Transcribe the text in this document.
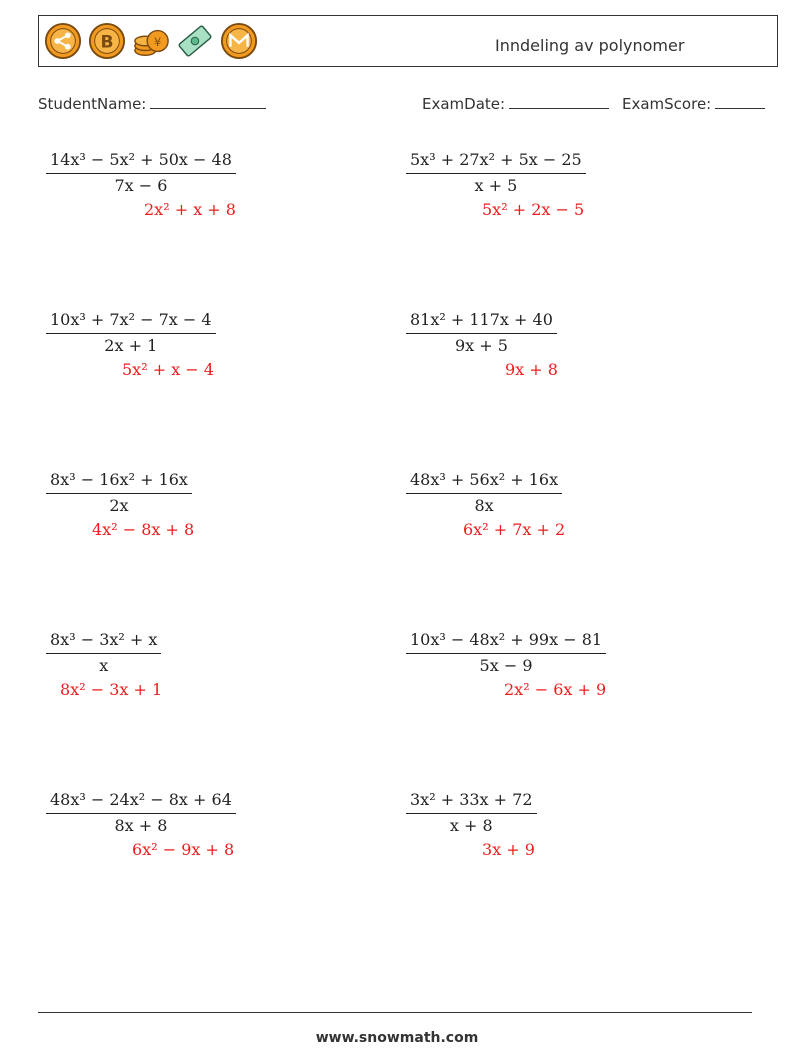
B	¥	Inndeling av polynomer
StudentName:	ExamDate:	ExamScore:
$\frac{\text{14x³ − 5x² + 50x − 48}}{7x - 6}$
2x² + x + 8
$\frac{\text{5x³ + 27x² + 5x − 25}}{x + 5}$
5x² + 2x − 5
$\frac{\text{10x³ + 7x² − 7x − 4}}{2x + 1}$
5x² + x − 4
$\frac{\text{81x² + 117x + 40}}{9x + 5}$
9x + 8
$\frac{\text{8x³ − 16x² + 16x}}{2x}$
4x² − 8x + 8
$\frac{\text{48x³ + 56x² + 16x}}{8x}$
6x² + 7x + 2
$\frac{\text{8x³ − 3x² + x}}{x}$
8x² − 3x + 1
$\frac{\text{10x³ − 48x² + 99x − 81}}{5x - 9}$
2x² − 6x + 9
$\frac{\text{48x³ − 24x² − 8x + 64}}{8x + 8}$
6x² − 9x + 8
$\frac{\text{3x² + 33x + 72}}{x + 8}$
3x + 9
www.snowmath.com
